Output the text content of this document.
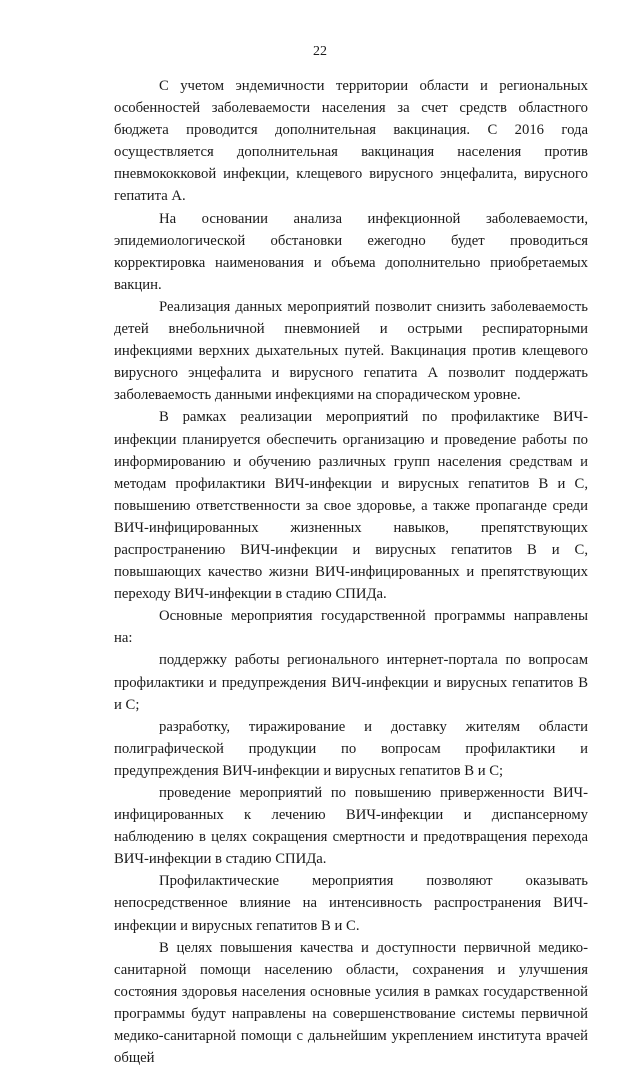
22

С учетом эндемичности территории области и региональных особенностей заболеваемости населения за счет средств областного бюджета проводится дополнительная вакцинация. С 2016 года осуществляется дополнительная вакцинация населения против пневмококковой инфекции, клещевого вирусного энцефалита, вирусного гепатита А.

На основании анализа инфекционной заболеваемости, эпидемиологической обстановки ежегодно будет проводиться корректировка наименования и объема дополнительно приобретаемых вакцин.

Реализация данных мероприятий позволит снизить заболеваемость детей внебольничной пневмонией и острыми респираторными инфекциями верхних дыхательных путей. Вакцинация против клещевого вирусного энцефалита и вирусного гепатита А позволит поддержать заболеваемость данными инфекциями на спорадическом уровне.

В рамках реализации мероприятий по профилактике ВИЧ-инфекции планируется обеспечить организацию и проведение работы по информированию и обучению различных групп населения средствам и методам профилактики ВИЧ-инфекции и вирусных гепатитов В и С, повышению ответственности за свое здоровье, а также пропаганде среди ВИЧ-инфицированных жизненных навыков, препятствующих распространению ВИЧ-инфекции и вирусных гепатитов В и С, повышающих качество жизни ВИЧ-инфицированных и препятствующих переходу ВИЧ-инфекции в стадию СПИДа.

Основные мероприятия государственной программы направлены на:

поддержку работы регионального интернет-портала по вопросам профилактики и предупреждения ВИЧ-инфекции и вирусных гепатитов В и С;

разработку, тиражирование и доставку жителям области полиграфической продукции по вопросам профилактики и предупреждения ВИЧ-инфекции и вирусных гепатитов В и С;

проведение мероприятий по повышению приверженности ВИЧ-инфицированных к лечению ВИЧ-инфекции и диспансерному наблюдению в целях сокращения смертности и предотвращения перехода ВИЧ-инфекции в стадию СПИДа.

Профилактические мероприятия позволяют оказывать непосредственное влияние на интенсивность распространения ВИЧ-инфекции и вирусных гепатитов В и С.

В целях повышения качества и доступности первичной медико-санитарной помощи населению области, сохранения и улучшения состояния здоровья населения основные усилия в рамках государственной программы будут направлены на совершенствование системы первичной медико-санитарной помощи с дальнейшим укреплением института врачей общей
